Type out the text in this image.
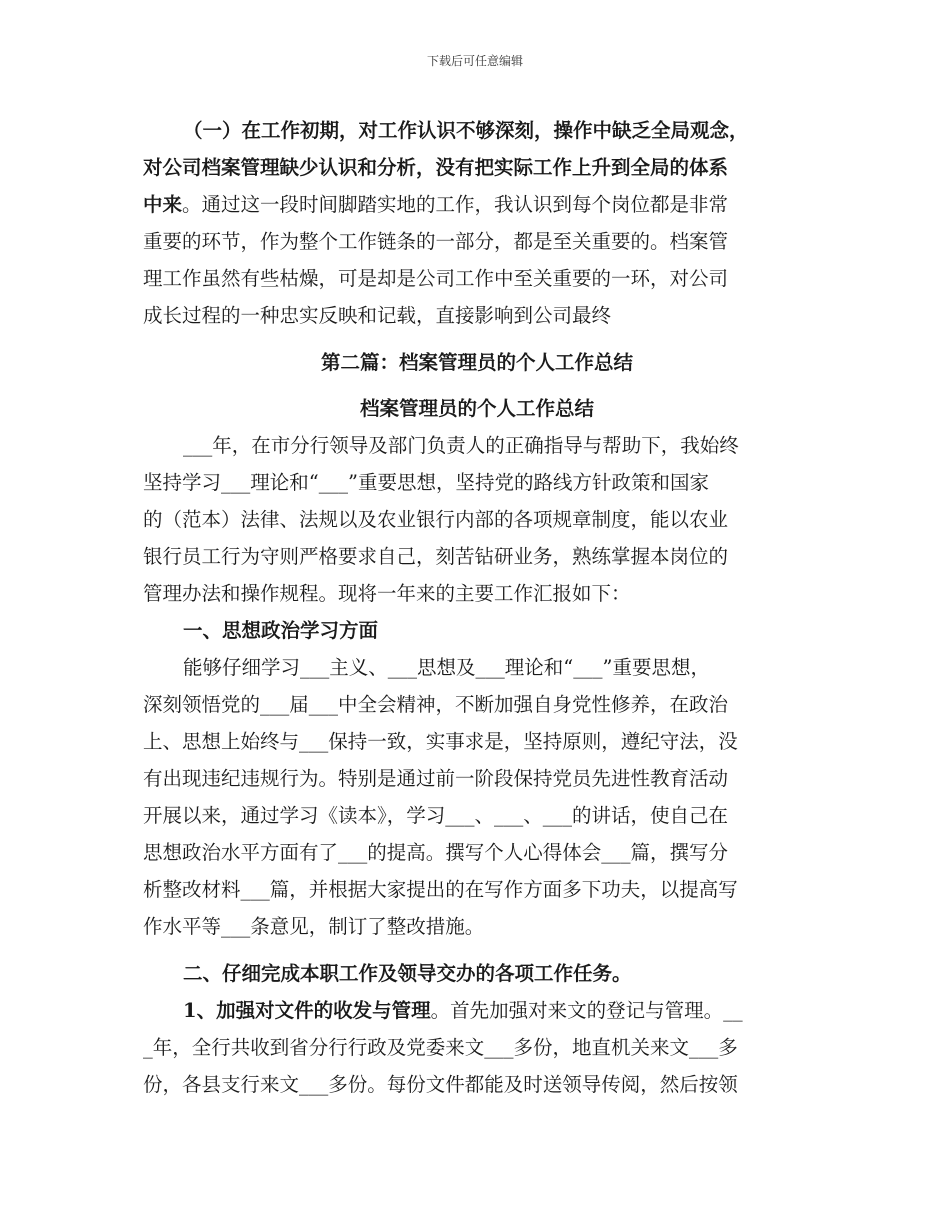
下载后可任意编辑
（一）在工作初期，对工作认识不够深刻，操作中缺乏全局观念，
对公司档案管理缺少认识和分析，没有把实际工作上升到全局的体系
中来。通过这一段时间脚踏实地的工作，我认识到每个岗位都是非常
重要的环节，作为整个工作链条的一部分，都是至关重要的。档案管
理工作虽然有些枯燥，可是却是公司工作中至关重要的一环，对公司
成长过程的一种忠实反映和记载，直接影响到公司最终
第二篇：档案管理员的个人工作总结
档案管理员的个人工作总结
___年，在市分行领导及部门负责人的正确指导与帮助下，我始终
坚持学习___理论和“___”重要思想，坚持党的路线方针政策和国家
的（范本）法律、法规以及农业银行内部的各项规章制度，能以农业
银行员工行为守则严格要求自己，刻苦钻研业务，熟练掌握本岗位的
管理办法和操作规程。现将一年来的主要工作汇报如下：
一、思想政治学习方面
能够仔细学习___主义、___思想及___理论和“___”重要思想，
深刻领悟党的___届___中全会精神，不断加强自身党性修养，在政治
上、思想上始终与___保持一致，实事求是，坚持原则，遵纪守法，没
有出现违纪违规行为。特别是通过前一阶段保持党员先进性教育活动
开展以来，通过学习《读本》，学习___、___、___的讲话，使自己在
思想政治水平方面有了___的提高。撰写个人心得体会___篇，撰写分
析整改材料___篇，并根据大家提出的在写作方面多下功夫，以提高写
作水平等___条意见，制订了整改措施。
二、仔细完成本职工作及领导交办的各项工作任务。
1、加强对文件的收发与管理。首先加强对来文的登记与管理。__
_年，全行共收到省分行行政及党委来文___多份，地直机关来文___多
份，各县支行来文___多份。每份文件都能及时送领导传阅，然后按领
